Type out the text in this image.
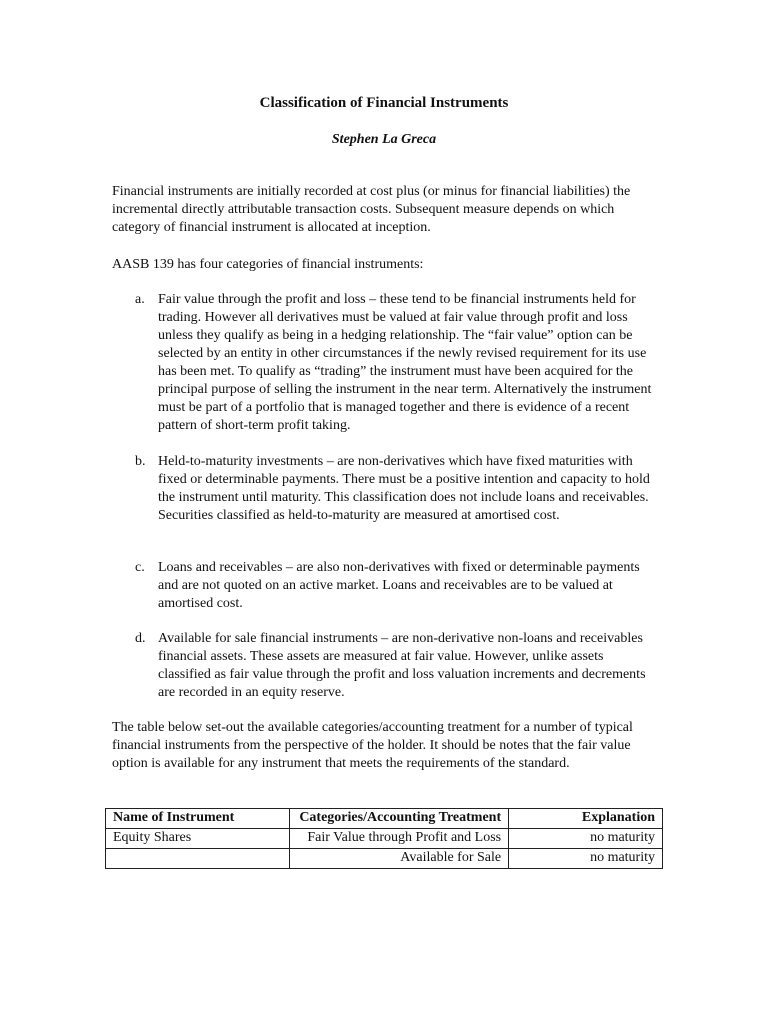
Classification of Financial Instruments
Stephen La Greca

Financial instruments are initially recorded at cost plus (or minus for financial liabilities) the incremental directly attributable transaction costs. Subsequent measure depends on which category of financial instrument is allocated at inception.

AASB 139 has four categories of financial instruments:

a. Fair value through the profit and loss – these tend to be financial instruments held for trading. However all derivatives must be valued at fair value through profit and loss unless they qualify as being in a hedging relationship. The “fair value” option can be selected by an entity in other circumstances if the newly revised requirement for its use has been met. To qualify as “trading” the instrument must have been acquired for the principal purpose of selling the instrument in the near term. Alternatively the instrument must be part of a portfolio that is managed together and there is evidence of a recent pattern of short-term profit taking.
b. Held-to-maturity investments – are non-derivatives which have fixed maturities with fixed or determinable payments. There must be a positive intention and capacity to hold the instrument until maturity. This classification does not include loans and receivables. Securities classified as held-to-maturity are measured at amortised cost.
c. Loans and receivables – are also non-derivatives with fixed or determinable payments and are not quoted on an active market. Loans and receivables are to be valued at amortised cost.
d. Available for sale financial instruments – are non-derivative non-loans and receivables financial assets. These assets are measured at fair value. However, unlike assets classified as fair value through the profit and loss valuation increments and decrements are recorded in an equity reserve.

The table below set-out the available categories/accounting treatment for a number of typical financial instruments from the perspective of the holder. It should be notes that the fair value option is available for any instrument that meets the requirements of the standard.

Name of Instrument	Categories/Accounting Treatment	Explanation
Equity Shares	Fair Value through Profit and Loss	no maturity
	Available for Sale	no maturity
